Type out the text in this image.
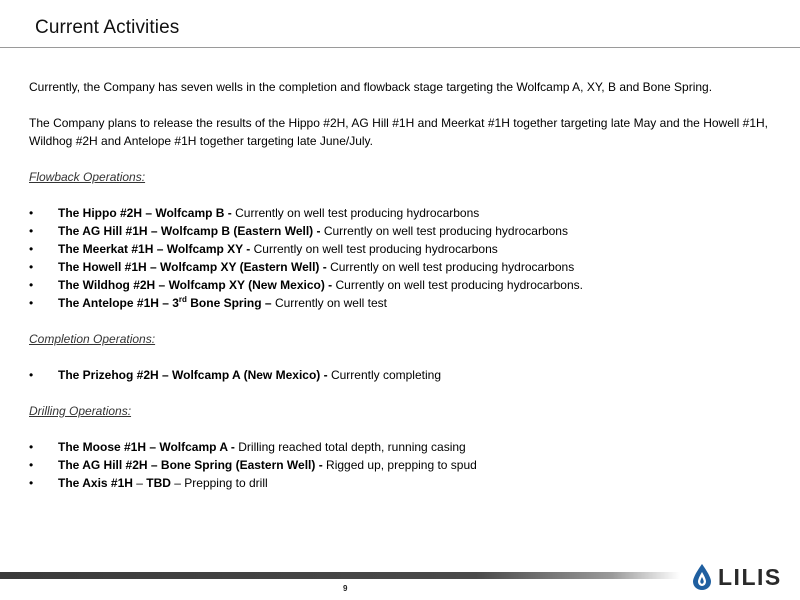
Current Activities

Currently, the Company has seven wells in the completion and flowback stage targeting the Wolfcamp A, XY, B and Bone Spring.

The Company plans to release the results of the Hippo #2H, AG Hill #1H and Meerkat #1H together targeting late May and the Howell #1H, Wildhog #2H and Antelope #1H together targeting late June/July.

Flowback Operations:
• The Hippo #2H – Wolfcamp B - Currently on well test producing hydrocarbons
• The AG Hill #1H – Wolfcamp B (Eastern Well) - Currently on well test producing hydrocarbons
• The Meerkat #1H – Wolfcamp XY - Currently on well test producing hydrocarbons
• The Howell #1H – Wolfcamp XY (Eastern Well) - Currently on well test producing hydrocarbons
• The Wildhog #2H – Wolfcamp XY (New Mexico) - Currently on well test producing hydrocarbons.
• The Antelope #1H – 3rd Bone Spring – Currently on well test
Completion Operations:
• The Prizehog #2H – Wolfcamp A (New Mexico) - Currently completing
Drilling Operations:
• The Moose #1H – Wolfcamp A - Drilling reached total depth, running casing
• The AG Hill #2H – Bone Spring (Eastern Well) - Rigged up, prepping to spud
• The Axis #1H – TBD – Prepping to drill
9	LILIS
